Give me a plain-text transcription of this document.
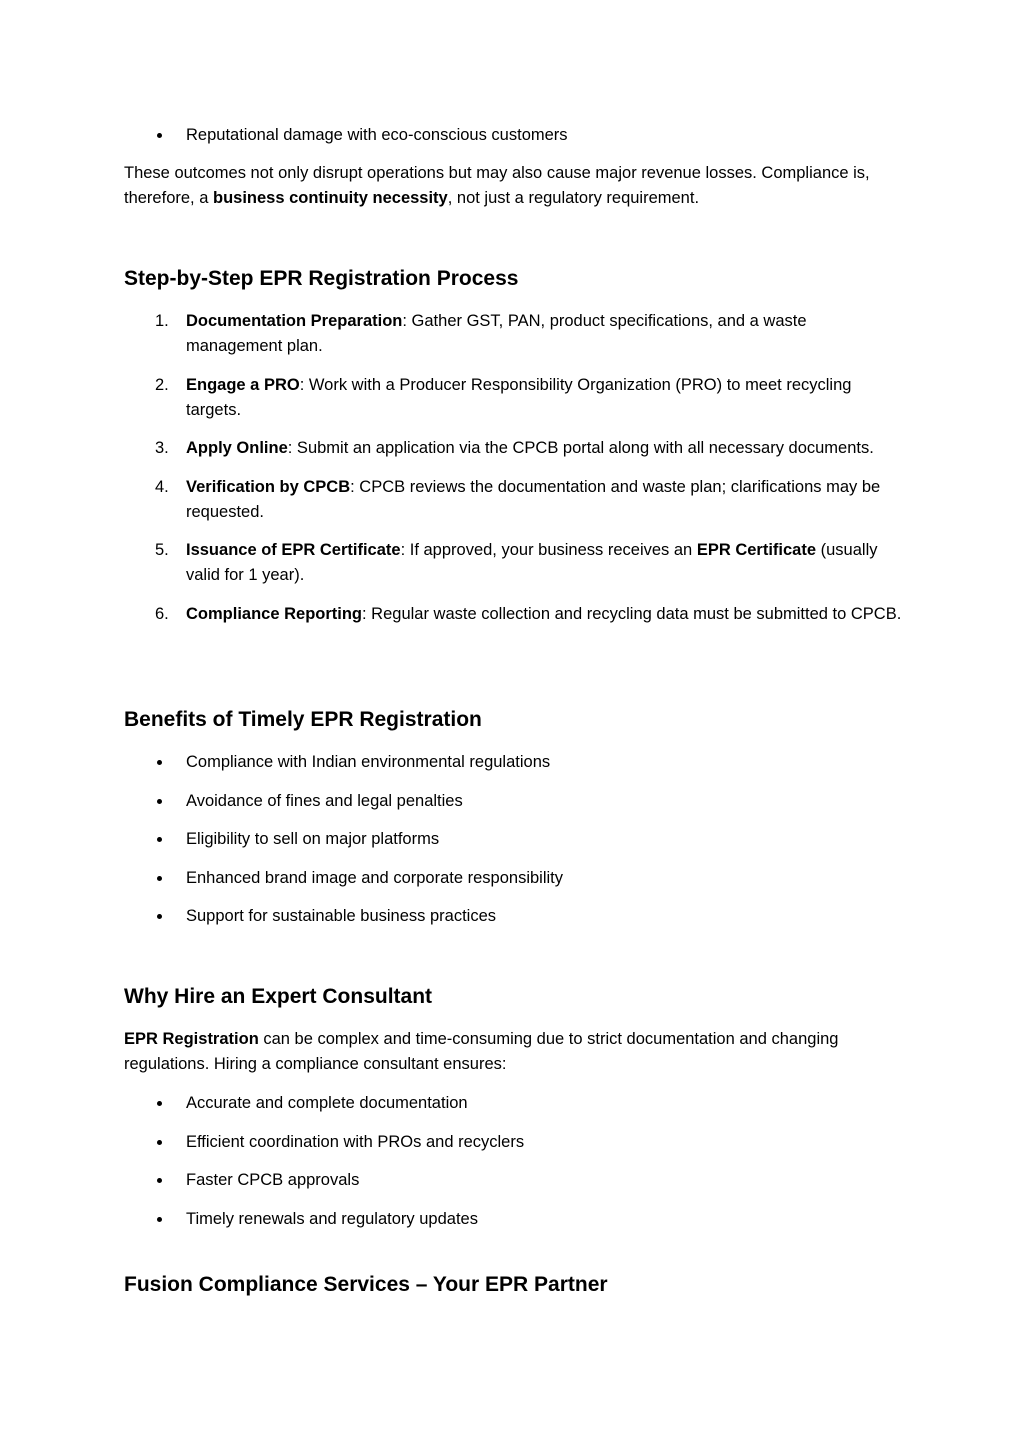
Reputational damage with eco-conscious customers

These outcomes not only disrupt operations but may also cause major revenue losses. Compliance is, therefore, a business continuity necessity, not just a regulatory requirement.

Step-by-Step EPR Registration Process
1. Documentation Preparation: Gather GST, PAN, product specifications, and a waste management plan.
2. Engage a PRO: Work with a Producer Responsibility Organization (PRO) to meet recycling targets.
3. Apply Online: Submit an application via the CPCB portal along with all necessary documents.
4. Verification by CPCB: CPCB reviews the documentation and waste plan; clarifications may be requested.
5. Issuance of EPR Certificate: If approved, your business receives an EPR Certificate (usually valid for 1 year).
6. Compliance Reporting: Regular waste collection and recycling data must be submitted to CPCB.
Benefits of Timely EPR Registration
Compliance with Indian environmental regulations
Avoidance of fines and legal penalties
Eligibility to sell on major platforms
Enhanced brand image and corporate responsibility
Support for sustainable business practices
Why Hire an Expert Consultant

EPR Registration can be complex and time-consuming due to strict documentation and changing regulations. Hiring a compliance consultant ensures:

Accurate and complete documentation
Efficient coordination with PROs and recyclers
Faster CPCB approvals
Timely renewals and regulatory updates
Fusion Compliance Services – Your EPR Partner
